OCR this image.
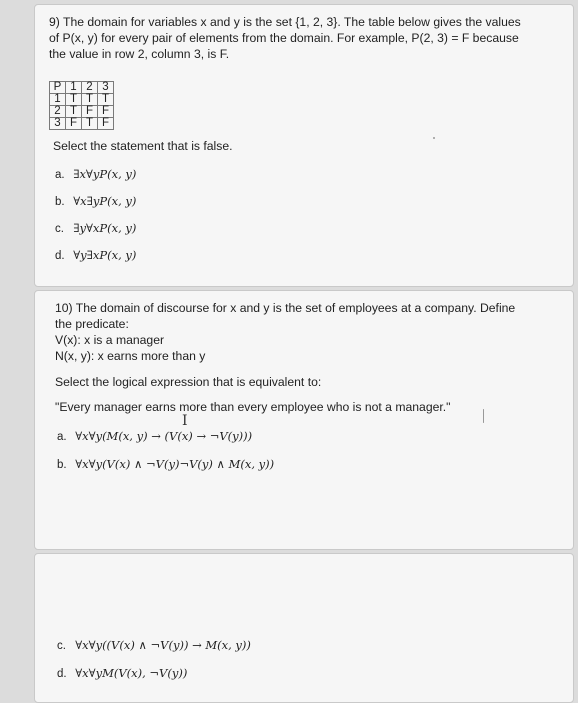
9) The domain for variables x and y is the set {1, 2, 3}. The table below gives the values
of P(x, y) for every pair of elements from the domain. For example, P(2, 3) = F because
the value in row 2, column 3, is F.
P	1	2	3
1	T	T	T
2	T	F	F
3	F	T	F
Select the statement that is false.
a. ∃x∀yP(x, y)
b. ∀x∃yP(x, y)
c. ∃y∀xP(x, y)
d. ∀y∃xP(x, y)
10) The domain of discourse for x and y is the set of employees at a company. Define
the predicate:
V(x): x is a manager
N(x, y): x earns more than y
Select the logical expression that is equivalent to:
"Every manager earns more than every employee who is not a manager."
I
a. ∀x∀y(M(x, y) → (V(x) → ¬V(y)))
b. ∀x∀y(V(x) ∧ ¬V(y)¬V(y) ∧ M(x, y))
c. ∀x∀y((V(x) ∧ ¬V(y)) → M(x, y))
d. ∀x∀yM(V(x), ¬V(y))
